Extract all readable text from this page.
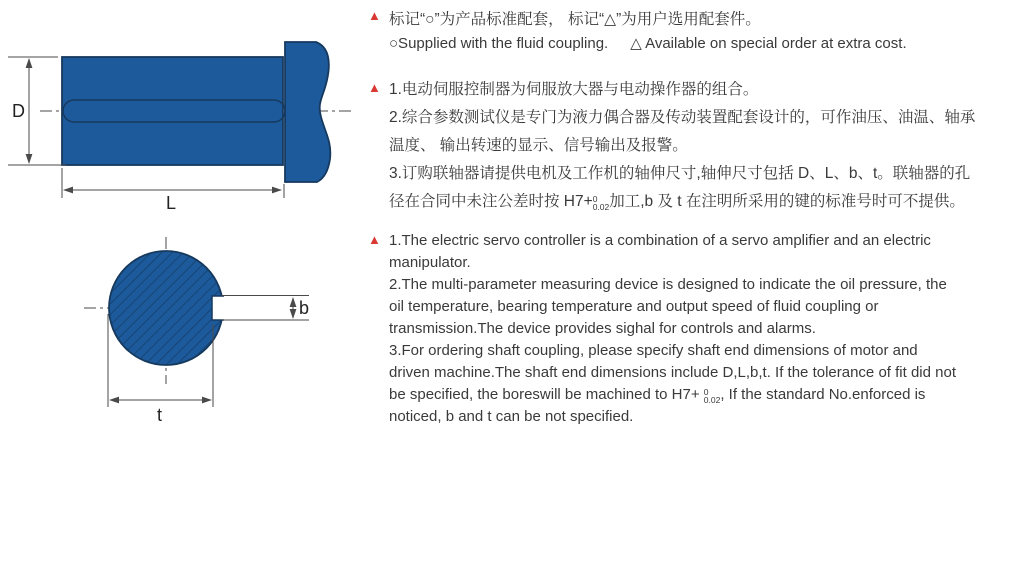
D
L
b
t
▲ 标记“○”为产品标准配套， 标记“△”为用户选用配套件。
○Supplied with the fluid coupling. △ Available on special order at extra cost.
▲ 1.电动伺服控制器为伺服放大器与电动操作器的组合。
2.综合参数测试仪是专门为液力偶合器及传动装置配套设计的，可作油压、油温、轴承
温度、 输出转速的显示、信号输出及报警。
3.订购联轴器请提供电机及工作机的轴伸尺寸,轴伸尺寸包括 D、L、b、t。联轴器的孔
径在合同中未注公差时按 H7+ 0
0.02 加工,b 及 t 在注明所采用的键的标准号时可不提供。
▲ 1.The electric servo controller is a combination of a servo amplifier and an electric
manipulator.
2.The multi-parameter measuring device is designed to indicate the oil pressure, the
oil temperature, bearing temperature and output speed of fluid coupling or
transmission.The device provides sighal for controls and alarms.
3.For ordering shaft coupling, please specify shaft end dimensions of motor and
driven machine.The shaft end dimensions include D,L,b,t. If the tolerance of fit did not
be specified, the boreswill be machined to H7+ 0
0.02 , If the standard No.enforced is
noticed, b and t can be not specified.
